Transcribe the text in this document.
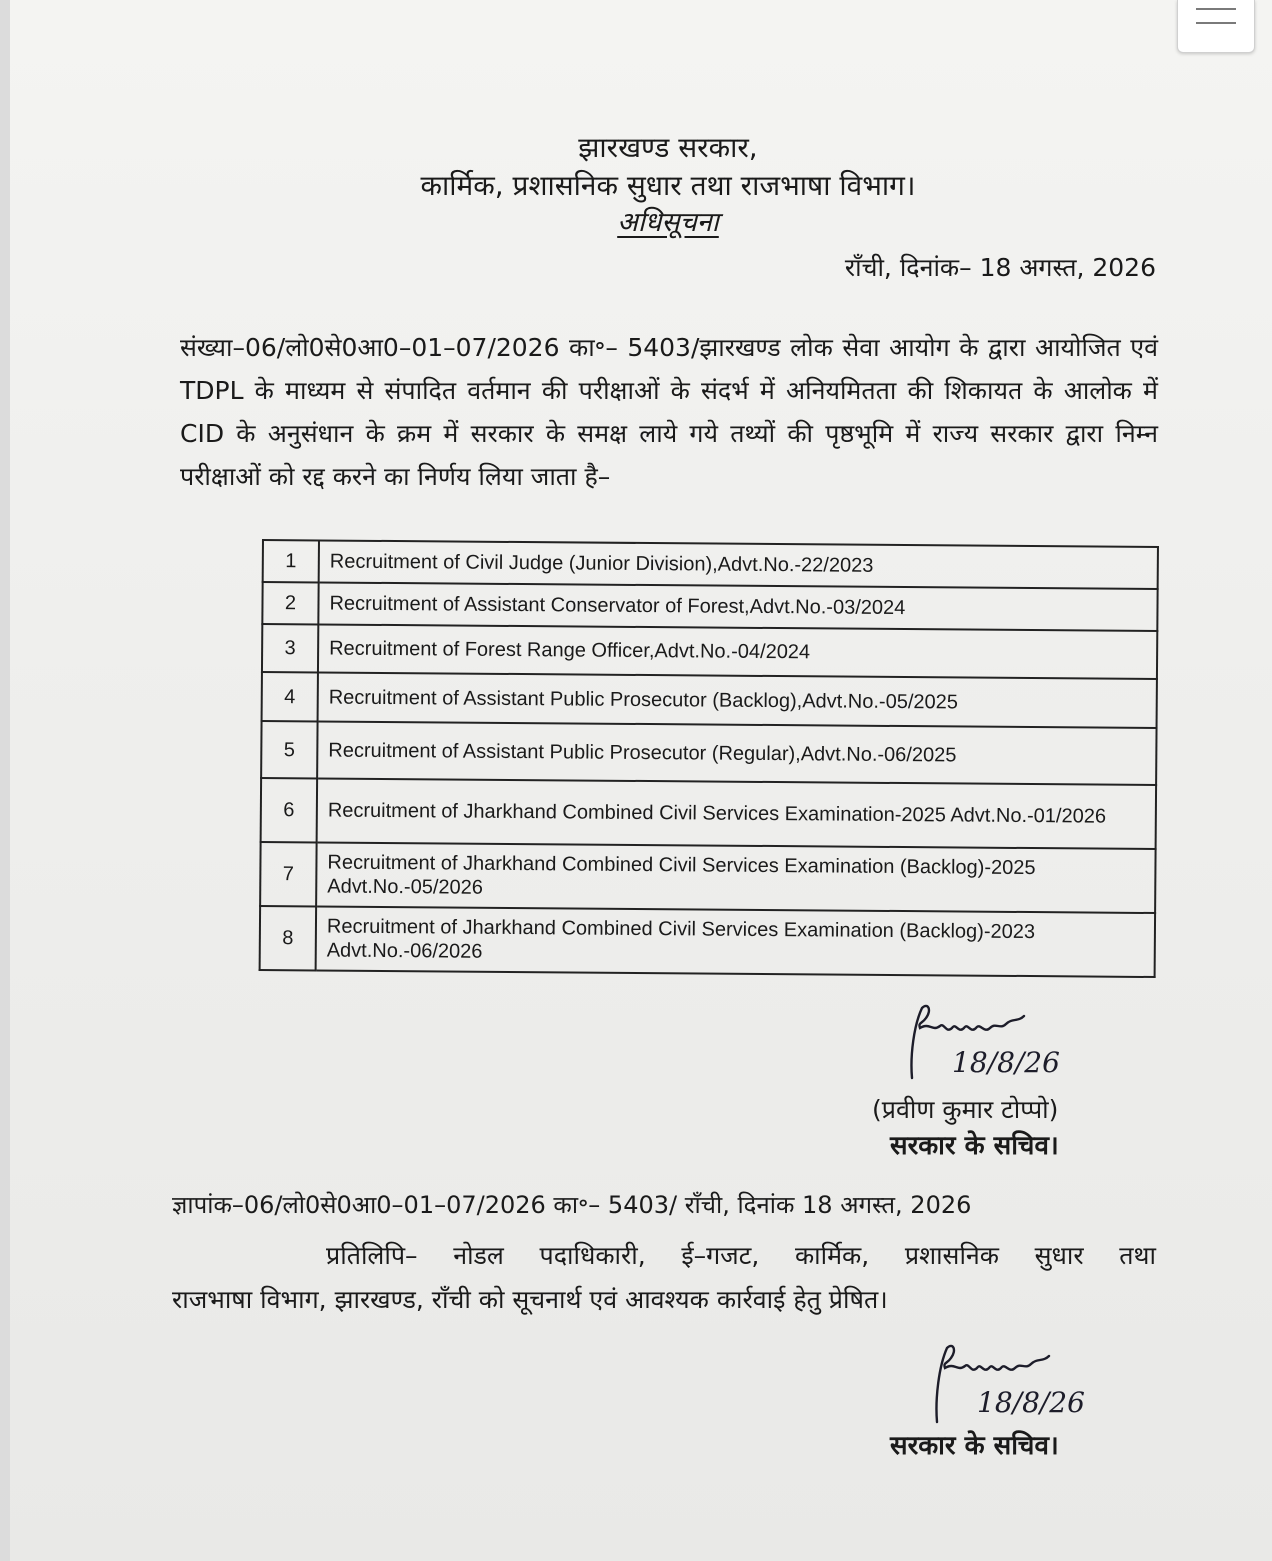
झारखण्ड सरकार,
कार्मिक, प्रशासनिक सुधार तथा राजभाषा विभाग।
अधिसूचना
राँची, दिनांक– 18 अगस्त, 2026
संख्या–06/लो0से0आ0–01–07/2026 का॰– 5403/झारखण्ड लोक सेवा आयोग के द्वारा आयोजित एवं TDPL के माध्यम से संपादित वर्तमान की परीक्षाओं के संदर्भ में अनियमितता की शिकायत के आलोक में CID के अनुसंधान के क्रम में सरकार के समक्ष लाये गये तथ्यों की पृष्ठभूमि में राज्य सरकार द्वारा निम्न परीक्षाओं को रद्द करने का निर्णय लिया जाता है–
1	Recruitment of Civil Judge (Junior Division),Advt.No.-22/2023
2	Recruitment of Assistant Conservator of Forest,Advt.No.-03/2024
3	Recruitment of Forest Range Officer,Advt.No.-04/2024
4	Recruitment of Assistant Public Prosecutor (Backlog),Advt.No.-05/2025
5	Recruitment of Assistant Public Prosecutor (Regular),Advt.No.-06/2025
6	Recruitment of Jharkhand Combined Civil Services Examination-2025 Advt.No.-01/2026
7	Recruitment of Jharkhand Combined Civil Services Examination (Backlog)-2025 Advt.No.-05/2026
8	Recruitment of Jharkhand Combined Civil Services Examination (Backlog)-2023 Advt.No.-06/2026
18/8/26
(प्रवीण कुमार टोप्पो)
सरकार के सचिव।
ज्ञापांक–06/लो0से0आ0–01–07/2026 का॰– 5403/ राँची, दिनांक 18 अगस्त, 2026
प्रतिलिपि– नोडल पदाधिकारी, ई–गजट, कार्मिक, प्रशासनिक सुधार तथा
राजभाषा विभाग, झारखण्ड, राँची को सूचनार्थ एवं आवश्यक कार्रवाई हेतु प्रेषित।
18/8/26
सरकार के सचिव।
